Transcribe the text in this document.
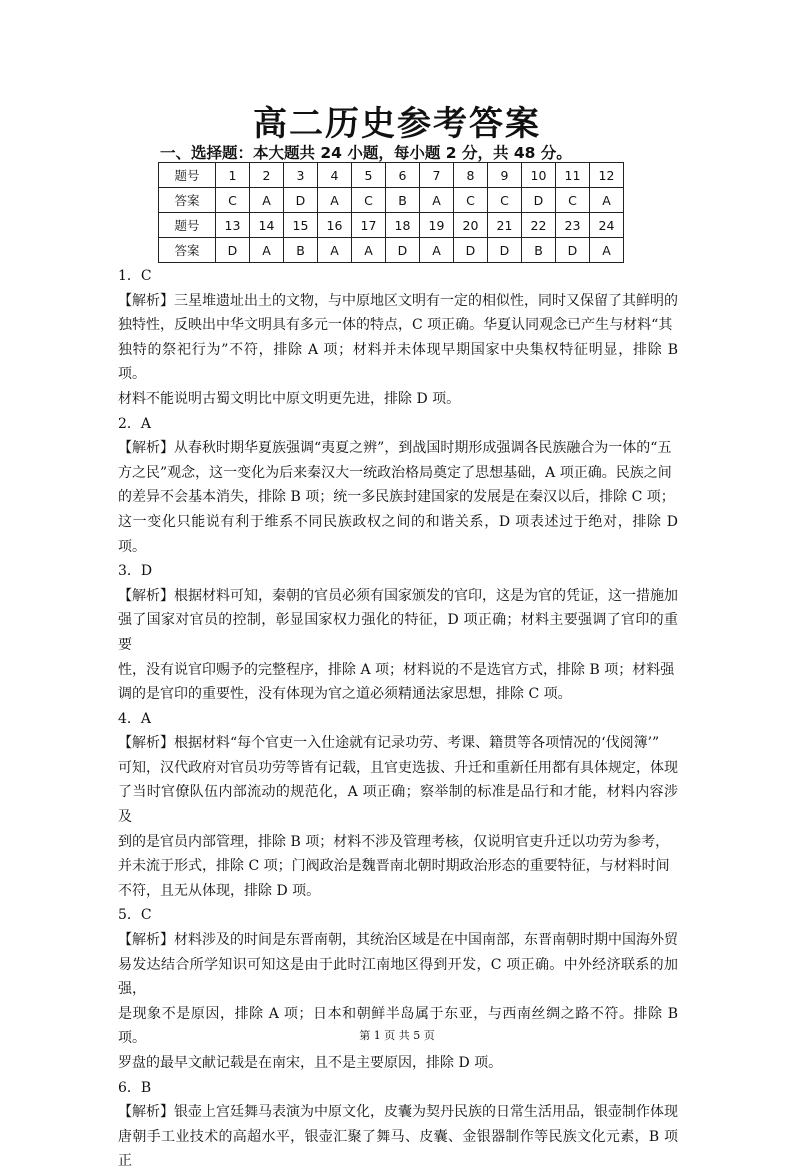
高二历史参考答案
一、选择题：本大题共 24 小题，每小题 2 分，共 48 分。
题号	1	2	3	4	5	6	7	8	9	10	11	12
答案	C	A	D	A	C	B	A	C	C	D	C	A
题号	13	14	15	16	17	18	19	20	21	22	23	24
答案	D	A	B	A	A	D	A	D	D	B	D	A

1．C

【解析】三星堆遗址出土的文物，与中原地区文明有一定的相似性，同时又保留了其鲜明的

独特性，反映出中华文明具有多元一体的特点，C 项正确。华夏认同观念已产生与材料“其

独特的祭祀行为”不符，排除 A 项；材料并未体现早期国家中央集权特征明显，排除 B 项。

材料不能说明古蜀文明比中原文明更先进，排除 D 项。

2．A

【解析】从春秋时期华夏族强调“夷夏之辨”，到战国时期形成强调各民族融合为一体的“五

方之民”观念，这一变化为后来秦汉大一统政治格局奠定了思想基础，A 项正确。民族之间

的差异不会基本消失，排除 B 项；统一多民族封建国家的发展是在秦汉以后，排除 C 项；

这一变化只能说有利于维系不同民族政权之间的和谐关系，D 项表述过于绝对，排除 D 项。

3．D

【解析】根据材料可知，秦朝的官员必须有国家颁发的官印，这是为官的凭证，这一措施加

强了国家对官员的控制，彰显国家权力强化的特征，D 项正确；材料主要强调了官印的重要

性，没有说官印赐予的完整程序，排除 A 项；材料说的不是选官方式，排除 B 项；材料强

调的是官印的重要性，没有体现为官之道必须精通法家思想，排除 C 项。

4．A

【解析】根据材料“每个官吏一入仕途就有记录功劳、考课、籍贯等各项情况的‘伐阅簿’”

可知，汉代政府对官员功劳等皆有记载，且官吏选拔、升迁和重新任用都有具体规定，体现

了当时官僚队伍内部流动的规范化，A 项正确；察举制的标准是品行和才能，材料内容涉及

到的是官员内部管理，排除 B 项；材料不涉及管理考核，仅说明官吏升迁以功劳为参考，

并未流于形式，排除 C 项；门阀政治是魏晋南北朝时期政治形态的重要特征，与材料时间

不符，且无从体现，排除 D 项。

5．C

【解析】材料涉及的时间是东晋南朝，其统治区域是在中国南部，东晋南朝时期中国海外贸

易发达结合所学知识可知这是由于此时江南地区得到开发，C 项正确。中外经济联系的加强，

是现象不是原因，排除 A 项；日本和朝鲜半岛属于东亚，与西南丝绸之路不符。排除 B 项。

罗盘的最早文献记载是在南宋，且不是主要原因，排除 D 项。

6．B

【解析】银壶上宫廷舞马表演为中原文化，皮囊为契丹民族的日常生活用品，银壶制作体现

唐朝手工业技术的高超水平，银壶汇聚了舞马、皮囊、金银器制作等民族文化元素，B 项正

第 1 页 共 5 页
